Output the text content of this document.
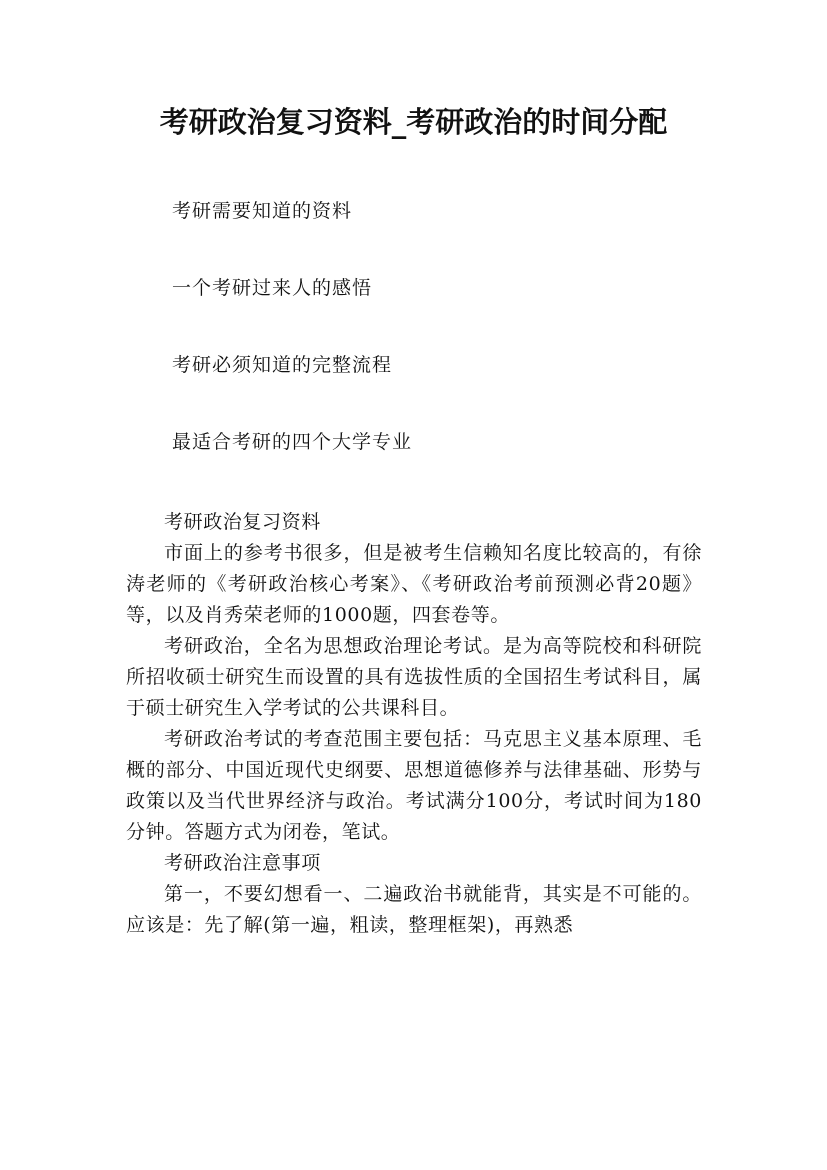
考研政治复习资料_考研政治的时间分配
考研需要知道的资料
一个考研过来人的感悟
考研必须知道的完整流程
最适合考研的四个大学专业

考研政治复习资料

市面上的参考书很多，但是被考生信赖知名度比较高的，有徐涛老师的《考研政治核心考案》、《考研政治考前预测必背20题》等，以及肖秀荣老师的1000题，四套卷等。

考研政治，全名为思想政治理论考试。是为高等院校和科研院所招收硕士研究生而设置的具有选拔性质的全国招生考试科目，属于硕士研究生入学考试的公共课科目。

考研政治考试的考查范围主要包括：马克思主义基本原理、毛概的部分、中国近现代史纲要、思想道德修养与法律基础、形势与政策以及当代世界经济与政治。考试满分100分，考试时间为180分钟。答题方式为闭卷，笔试。

考研政治注意事项

第一，不要幻想看一、二遍政治书就能背，其实是不可能的。应该是：先了解(第一遍，粗读，整理框架)，再熟悉
